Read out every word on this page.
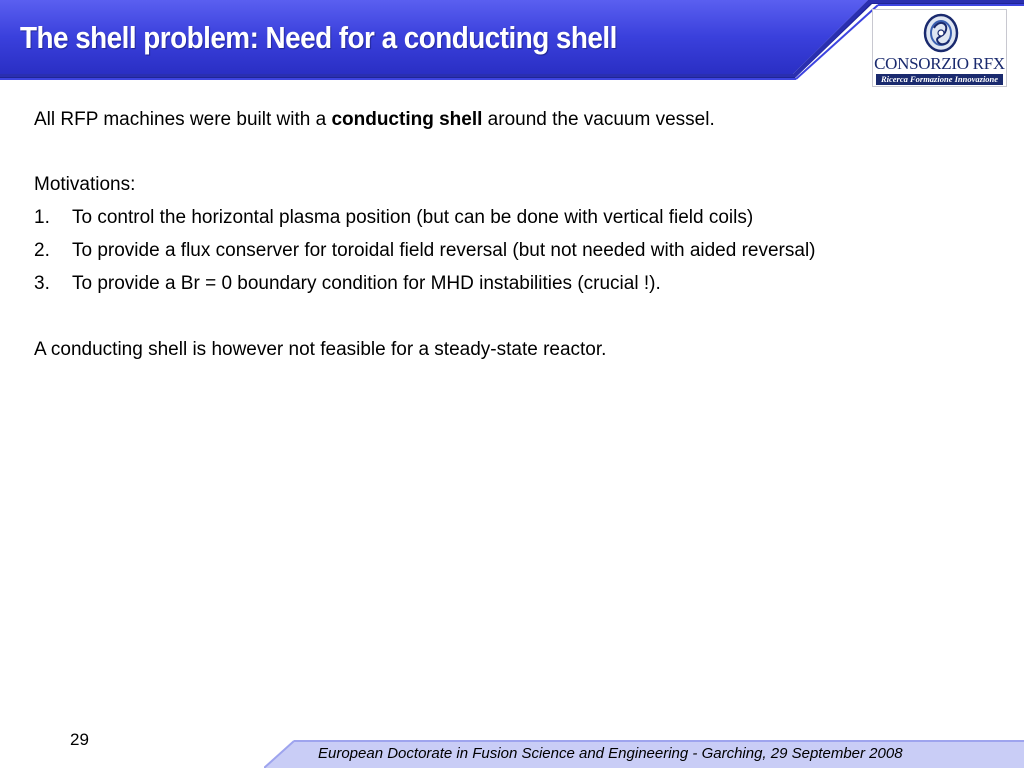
The shell problem: Need for a conducting shell
CONSORZIO RFX
Ricerca Formazione Innovazione

All RFP machines were built with a conducting shell around the vacuum vessel.

Motivations:
1. To control the horizontal plasma position (but can be done with vertical field coils)
2. To provide a flux conserver for toroidal field reversal (but not needed with aided reversal)
3. To provide a Br = 0 boundary condition for MHD instabilities (crucial !).

A conducting shell is however not feasible for a steady-state reactor.

29
European Doctorate in Fusion Science and Engineering - Garching, 29 September 2008
